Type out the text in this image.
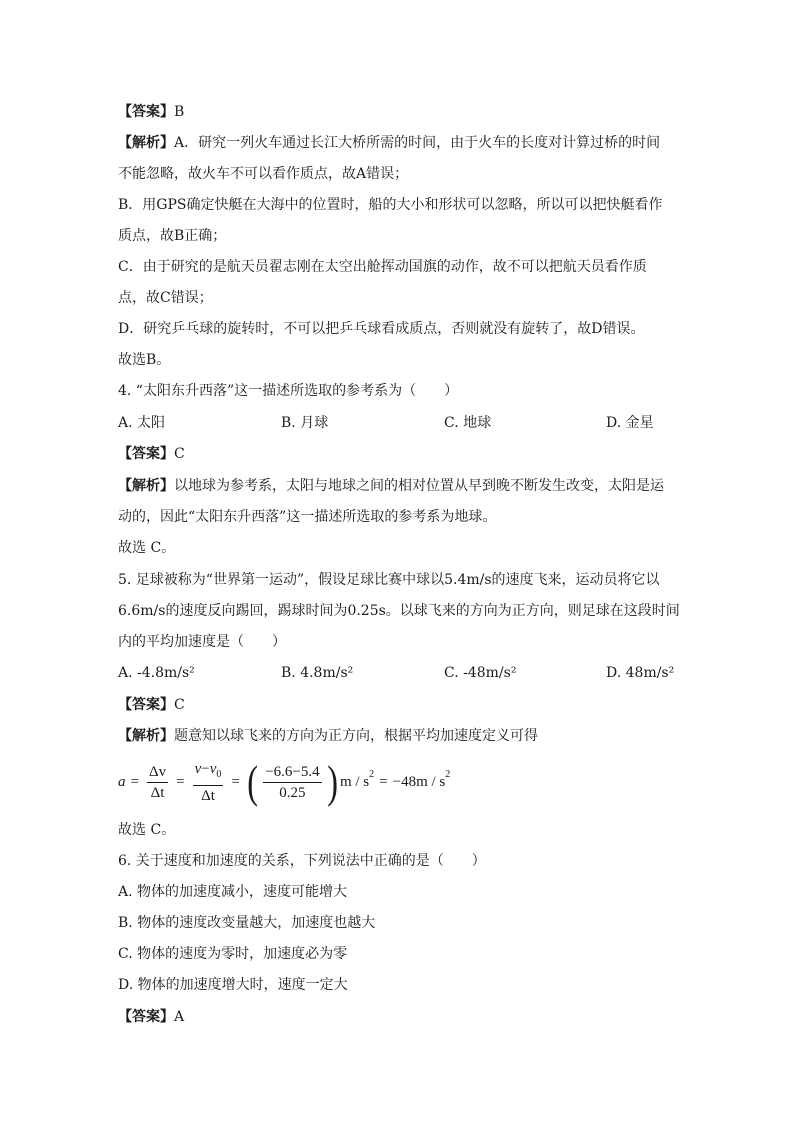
【答案】B
【解析】A．研究一列火车通过长江大桥所需的时间，由于火车的长度对计算过桥的时间
不能忽略，故火车不可以看作质点，故A错误；
B．用GPS确定快艇在大海中的位置时，船的大小和形状可以忽略，所以可以把快艇看作
质点，故B正确；
C．由于研究的是航天员翟志刚在太空出舱挥动国旗的动作，故不可以把航天员看作质
点，故C错误；
D．研究乒乓球的旋转时，不可以把乒乓球看成质点，否则就没有旋转了，故D错误。
故选B。
4. “太阳东升西落”这一描述所选取的参考系为（　　）
A. 太阳	B. 月球	C. 地球	D. 金星
【答案】C
【解析】以地球为参考系，太阳与地球之间的相对位置从早到晚不断发生改变，太阳是运
动的，因此“太阳东升西落”这一描述所选取的参考系为地球。
故选 C。
5. 足球被称为“世界第一运动”，假设足球比赛中球以5.4m/s的速度飞来，运动员将它以
6.6m/s的速度反向踢回，踢球时间为0.25s。以球飞来的方向为正方向，则足球在这段时间
内的平均加速度是（　　）
A. -4.8m/s²	B. 4.8m/s²	C. -48m/s²	D. 48m/s²
【答案】C
【解析】题意知以球飞来的方向为正方向，根据平均加速度定义可得
$a = \frac{\Delta v}{\Delta t} = \frac{v-v_0}{\Delta t}$ = ( $\frac{-6.6-5.4}{0.25}$ ) $m / s^2 = -48m / s^2$
故选 C。
6. 关于速度和加速度的关系，下列说法中正确的是（　　）
A. 物体的加速度减小，速度可能增大
B. 物体的速度改变量越大，加速度也越大
C. 物体的速度为零时，加速度必为零
D. 物体的加速度增大时，速度一定大
【答案】A
